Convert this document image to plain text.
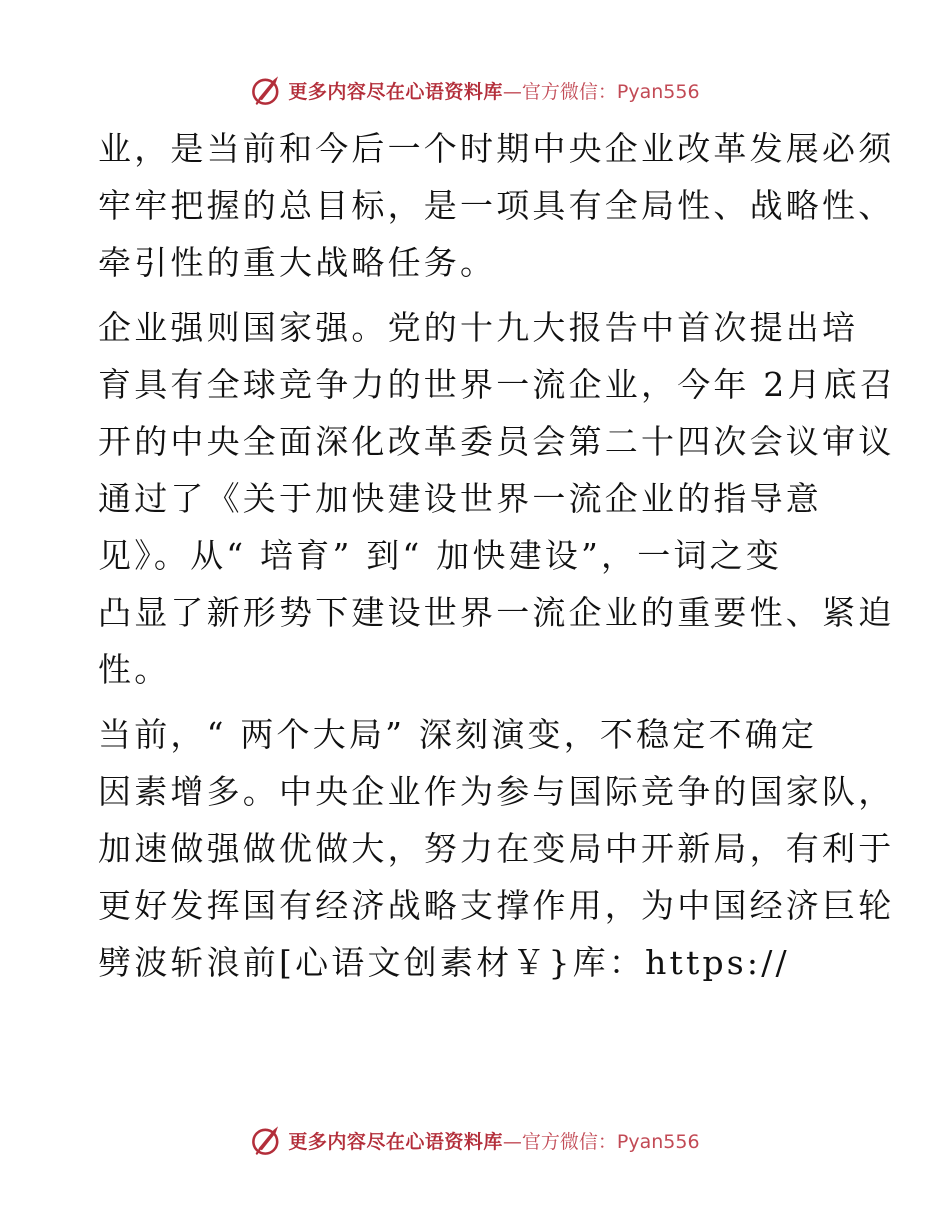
更多内容尽在心语资料库 —官方微信：Pyan556
业，是当前和今后一个时期中央企业改革发展必须
牢牢把握的总目标，是一项具有全局性、战略性、
牵引性的重大战略任务。
企业强则国家强。党的十九大报告中首次提出培
育具有全球竞争力的世界一流企业，今年 2月底召
开的中央全面深化改革委员会第二十四次会议审议
通过了《关于加快建设世界一流企业的指导意
见》。从“ 培育” 到“ 加快建设”，一词之变
凸显了新形势下建设世界一流企业的重要性、紧迫
性。
当前，“ 两个大局” 深刻演变，不稳定不确定
因素增多。中央企业作为参与国际竞争的国家队，
加速做强做优做大，努力在变局中开新局，有利于
更好发挥国有经济战略支撑作用，为中国经济巨轮
劈波斩浪前[心语文创素材￥}库：https://
更多内容尽在心语资料库 —官方微信：Pyan556
